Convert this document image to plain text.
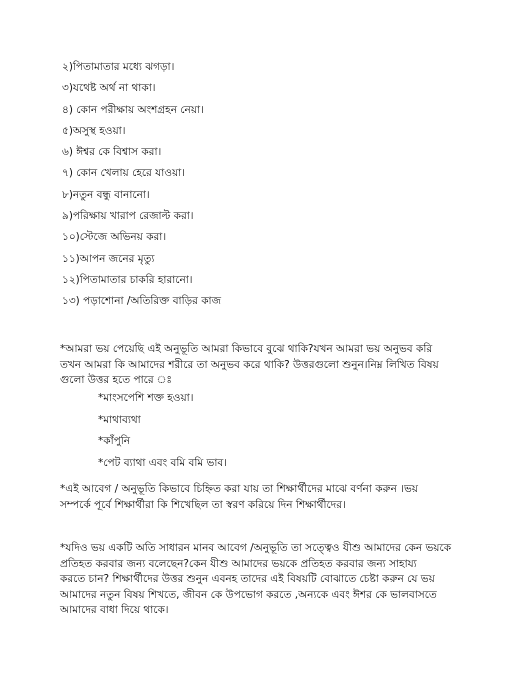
২)পিতামাতার মধ্যে ঝগড়া।
৩)যথেষ্ট অর্থ না থাকা।
৪) কোন পরীক্ষায় অংশগ্রহন নেয়া।
৫)অসুস্থ হওয়া।
৬) ঈশ্বর কে বিশ্বাস করা।
৭) কোন খেলায় হেরে যাওয়া।
৮)নতুন বন্ধু বানানো।
৯)পরিক্ষায় খারাপ রেজাল্ট করা।
১০)স্টেজে অভিনয় করা।
১১)আপন জনের মৃত্যু
১২)পিতামাতার চাকরি হারানো।
১৩) পড়াশোনা /অতিরিক্ত বাড়ির কাজ

*আমরা ভয় পেয়েছি এই অনুভূতি আমরা কিভাবে বুঝে থাকি?যখন আমরা ভয় অনুভব করি
তখন আমরা কি আমাদের শরীরে তা অনুভব করে থাকি? উত্তরগুলো শুনুন।নিম্ন লিখিত বিষয়
গুলো উত্তর হতে পারে ঃ

*মাংসপেশি শক্ত হওয়া।
*মাথাব্যথা
*কাঁপুনি
*পেট ব্যাথা এবং বমি বমি ভাব।

*এই আবেগ / অনুভূতি কিভাবে চিহ্নিত করা যায় তা শিক্ষার্থীদের মাঝে বর্ণনা করুন ।ভয়
সম্পর্কে পূর্বে শিক্ষার্থীরা কি শিখেছিল তা স্বরণ করিয়ে দিন শিক্ষার্থীদের।

*যদিও ভয় একটি অতি সাধারন মানব আবেগ /অনুভূতি তা সত্ত্বেও যীশু আমাদের কেন ভয়কে
প্রতিহত করবার জন্য বলেছেন?কেন যীশু আমাদের ভয়কে প্রতিহত করবার জন্য সাহায্য
করতে চান? শিক্ষার্থীদের উত্তর শুনুন এবনহ তাদের এই বিষয়টি বোঝাতে চেষ্টা করুন যে ভয়
আমাদের নতুন বিষয় শিখতে, জীবন কে উপভোগ করতে ,অন্যকে এবং ঈশর কে ভালবাসতে
আমাদের বাধা দিয়ে থাকে।
